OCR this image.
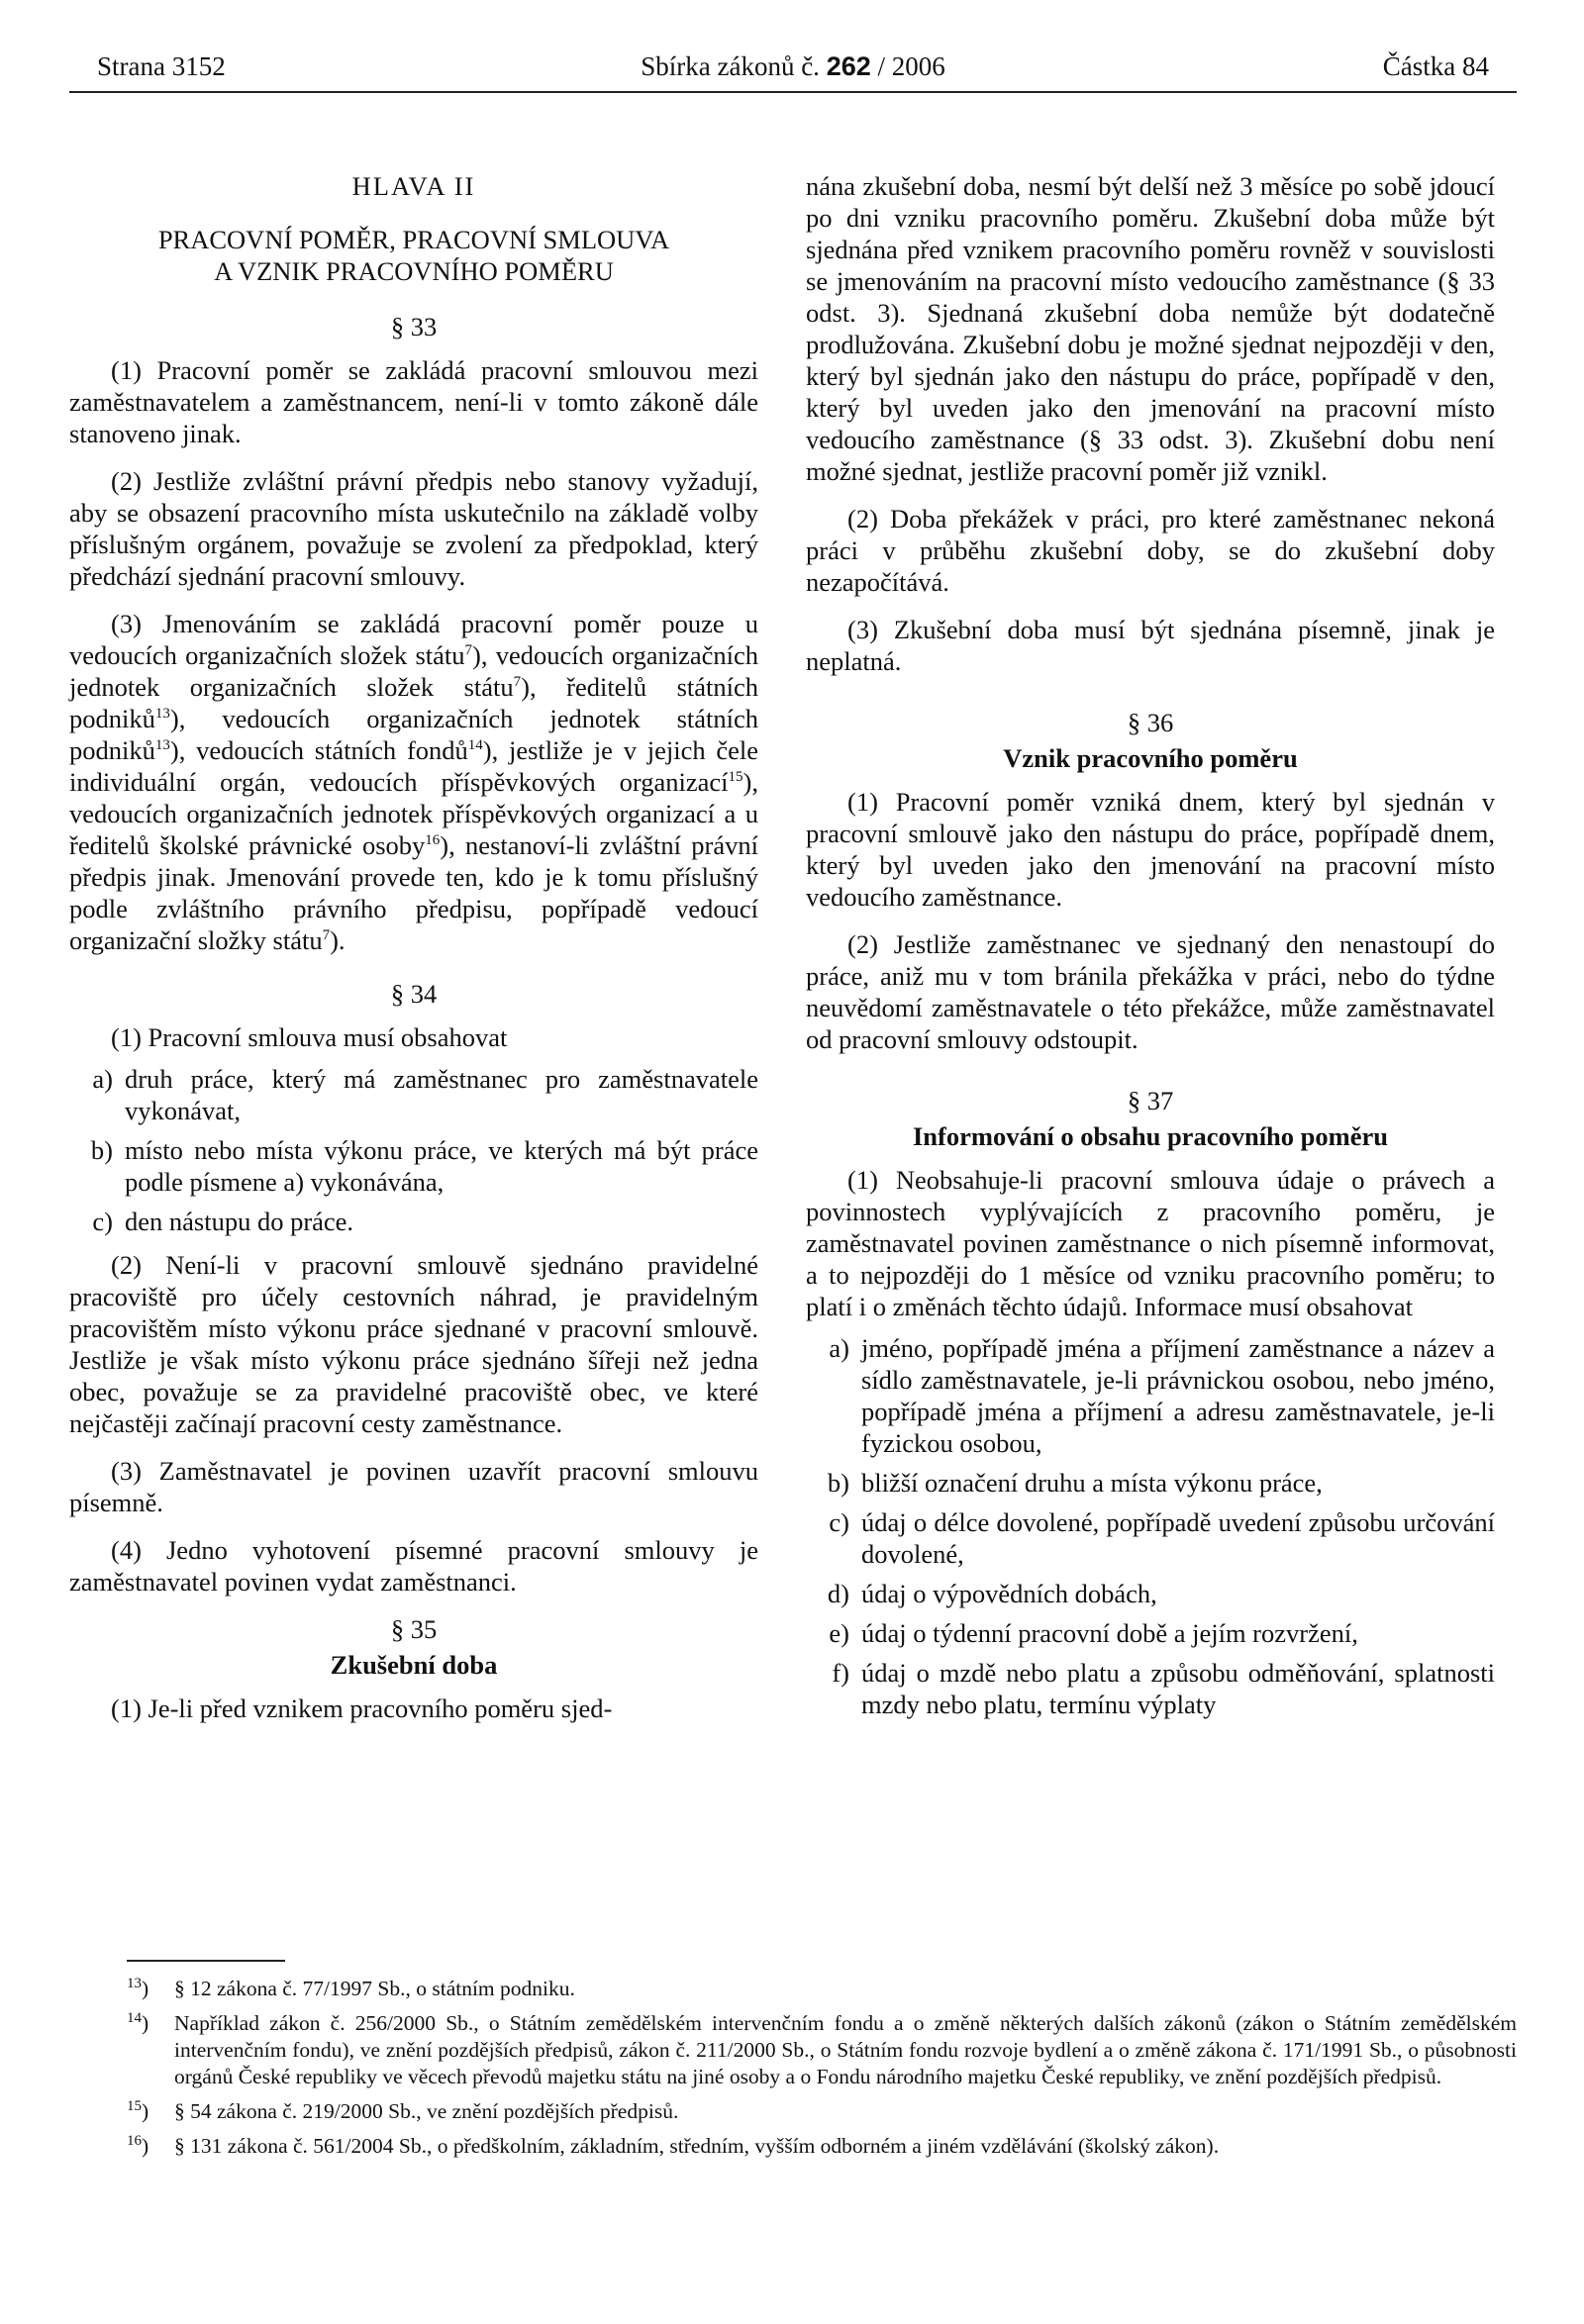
Strana 3152	Sbírka zákonů č. 262 / 2006	Částka 84

HLAVA II

PRACOVNÍ POMĚR, PRACOVNÍ SMLOUVA

A VZNIK PRACOVNÍHO POMĚRU

§ 33

(1) Pracovní poměr se zakládá pracovní smlouvou mezi zaměstnavatelem a zaměstnancem, není-li v tomto zákoně dále stanoveno jinak.

(2) Jestliže zvláštní právní předpis nebo stanovy vyžadují, aby se obsazení pracovního místa uskutečnilo na základě volby příslušným orgánem, považuje se zvolení za předpoklad, který předchází sjednání pracovní smlouvy.

(3) Jmenováním se zakládá pracovní poměr pouze u vedoucích organizačních složek státu$^7$), vedoucích organizačních jednotek organizačních složek státu$^7$), ředitelů státních podniků$^{13}$), vedoucích organizačních jednotek státních podniků$^{13}$), vedoucích státních fondů$^{14}$), jestliže je v jejich čele individuální orgán, vedoucích příspěvkových organizací$^{15}$), vedoucích organizačních jednotek příspěvkových organizací a u ředitelů školské právnické osoby$^{16}$), nestanoví-li zvláštní právní předpis jinak. Jmenování provede ten, kdo je k tomu příslušný podle zvláštního právního předpisu, popřípadě vedoucí organizační složky státu$^7$).

§ 34

(1) Pracovní smlouva musí obsahovat

a) druh práce, který má zaměstnanec pro zaměstnavatele vykonávat,
b) místo nebo místa výkonu práce, ve kterých má být práce podle písmene a) vykonávána,
c) den nástupu do práce.

(2) Není-li v pracovní smlouvě sjednáno pravidelné pracoviště pro účely cestovních náhrad, je pravidelným pracovištěm místo výkonu práce sjednané v pracovní smlouvě. Jestliže je však místo výkonu práce sjednáno šířeji než jedna obec, považuje se za pravidelné pracoviště obec, ve které nejčastěji začínají pracovní cesty zaměstnance.

(3) Zaměstnavatel je povinen uzavřít pracovní smlouvu písemně.

(4) Jedno vyhotovení písemné pracovní smlouvy je zaměstnavatel povinen vydat zaměstnanci.

§ 35

Zkušební doba

(1) Je-li před vznikem pracovního poměru sjed-

nána zkušební doba, nesmí být delší než 3 měsíce po sobě jdoucí po dni vzniku pracovního poměru. Zkušební doba může být sjednána před vznikem pracovního poměru rovněž v souvislosti se jmenováním na pracovní místo vedoucího zaměstnance (§ 33 odst. 3). Sjednaná zkušební doba nemůže být dodatečně prodlužována. Zkušební dobu je možné sjednat nejpozději v den, který byl sjednán jako den nástupu do práce, popřípadě v den, který byl uveden jako den jmenování na pracovní místo vedoucího zaměstnance (§ 33 odst. 3). Zkušební dobu není možné sjednat, jestliže pracovní poměr již vznikl.

(2) Doba překážek v práci, pro které zaměstnanec nekoná práci v průběhu zkušební doby, se do zkušební doby nezapočítává.

(3) Zkušební doba musí být sjednána písemně, jinak je neplatná.

§ 36

Vznik pracovního poměru

(1) Pracovní poměr vzniká dnem, který byl sjednán v pracovní smlouvě jako den nástupu do práce, popřípadě dnem, který byl uveden jako den jmenování na pracovní místo vedoucího zaměstnance.

(2) Jestliže zaměstnanec ve sjednaný den nenastoupí do práce, aniž mu v tom bránila překážka v práci, nebo do týdne neuvědomí zaměstnavatele o této překážce, může zaměstnavatel od pracovní smlouvy odstoupit.

§ 37

Informování o obsahu pracovního poměru

(1) Neobsahuje-li pracovní smlouva údaje o právech a povinnostech vyplývajících z pracovního poměru, je zaměstnavatel povinen zaměstnance o nich písemně informovat, a to nejpozději do 1 měsíce od vzniku pracovního poměru; to platí i o změnách těchto údajů. Informace musí obsahovat

a) jméno, popřípadě jména a příjmení zaměstnance a název a sídlo zaměstnavatele, je-li právnickou osobou, nebo jméno, popřípadě jména a příjmení a adresu zaměstnavatele, je-li fyzickou osobou,
b) bližší označení druhu a místa výkonu práce,
c) údaj o délce dovolené, popřípadě uvedení způsobu určování dovolené,
d) údaj o výpovědních dobách,
e) údaj o týdenní pracovní době a jejím rozvržení,
f) údaj o mzdě nebo platu a způsobu odměňování, splatnosti mzdy nebo platu, termínu výplaty
$^{13}$)	§ 12 zákona č. 77/1997 Sb., o státním podniku.
$^{14}$)	Například zákon č. 256/2000 Sb., o Státním zemědělském intervenčním fondu a o změně některých dalších zákonů (zákon o Státním zemědělském intervenčním fondu), ve znění pozdějších předpisů, zákon č. 211/2000 Sb., o Státním fondu rozvoje bydlení a o změně zákona č. 171/1991 Sb., o působnosti orgánů České republiky ve věcech převodů majetku státu na jiné osoby a o Fondu národního majetku České republiky, ve znění pozdějších předpisů.
$^{15}$)	§ 54 zákona č. 219/2000 Sb., ve znění pozdějších předpisů.
$^{16}$)	§ 131 zákona č. 561/2004 Sb., o předškolním, základním, středním, vyšším odborném a jiném vzdělávání (školský zákon).
